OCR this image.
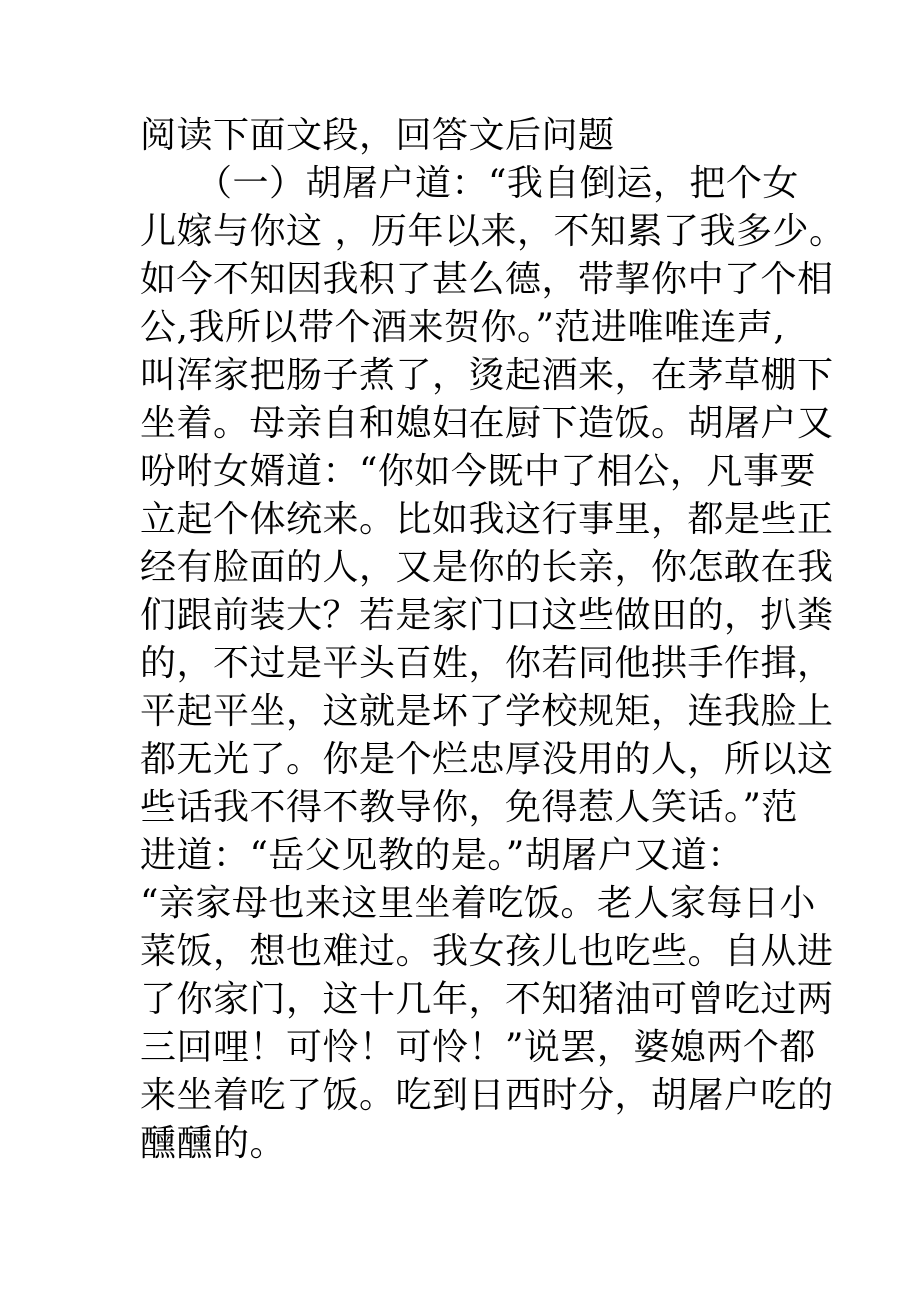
阅读下面文段，回答文后问题
（一）胡屠户道：“我自倒运，把个女
儿嫁与你这 ，历年以来，不知累了我多少。
如今不知因我积了甚么德，带挈你中了个相
公,我所以带个酒来贺你。”范进唯唯连声,
叫浑家把肠子煮了，烫起酒来，在茅草棚下
坐着。母亲自和媳妇在厨下造饭。胡屠户又
吩咐女婿道：“你如今既中了相公，凡事要
立起个体统来。比如我这行事里，都是些正
经有脸面的人，又是你的长亲，你怎敢在我
们跟前装大？若是家门口这些做田的，扒粪
的，不过是平头百姓，你若同他拱手作揖，
平起平坐，这就是坏了学校规矩，连我脸上
都无光了。你是个烂忠厚没用的人，所以这
些话我不得不教导你，免得惹人笑话。”范
进道：“岳父见教的是。”胡屠户又道：
“亲家母也来这里坐着吃饭。老人家每日小
菜饭，想也难过。我女孩儿也吃些。自从进
了你家门，这十几年，不知猪油可曾吃过两
三回哩！可怜！可怜！”说罢，婆媳两个都
来坐着吃了饭。吃到日西时分，胡屠户吃的
醺醺的。
